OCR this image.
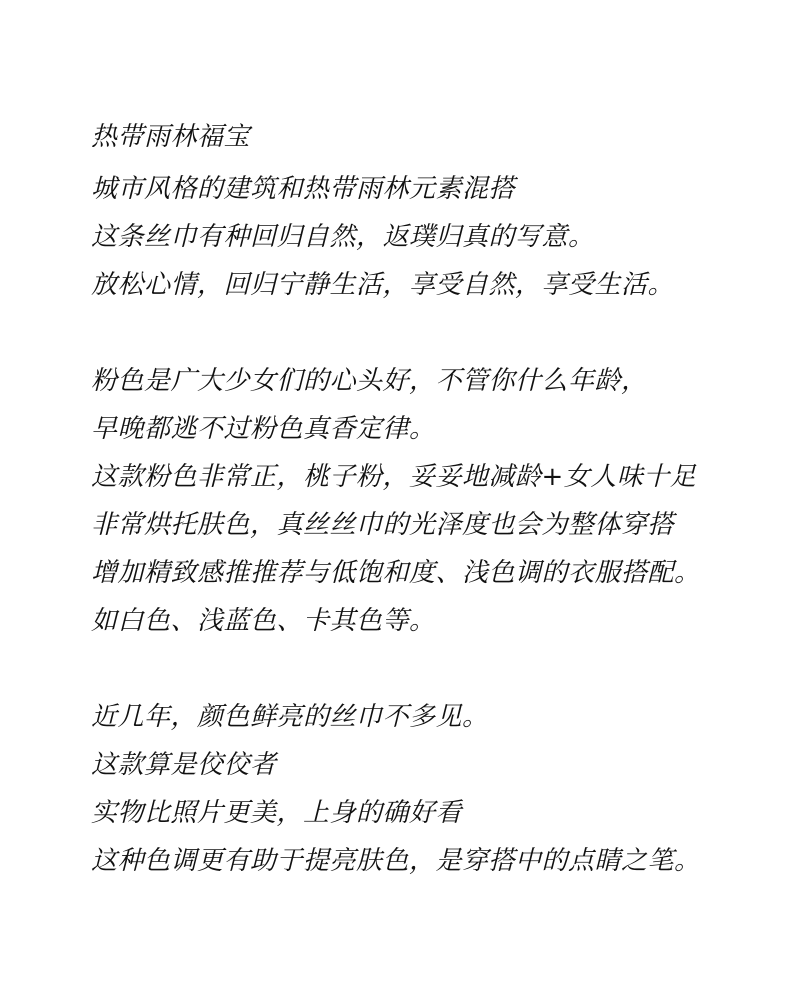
热带雨林福宝
城市风格的建筑和热带雨林元素混搭
这条丝巾有种回归自然，返璞归真的写意。
放松心情，回归宁静生活，享受自然，享受生活。
粉色是广大少女们的心头好，不管你什么年龄，
早晚都逃不过粉色真香定律。
这款粉色非常正，桃子粉，妥妥地减龄+女人味十足
非常烘托肤色，真丝丝巾的光泽度也会为整体穿搭
增加精致感推推荐与低饱和度、浅色调的衣服搭配。
如白色、浅蓝色、卡其色等。
近几年，颜色鲜亮的丝巾不多见。
这款算是佼佼者
实物比照片更美，上身的确好看
这种色调更有助于提亮肤色，是穿搭中的点睛之笔。
